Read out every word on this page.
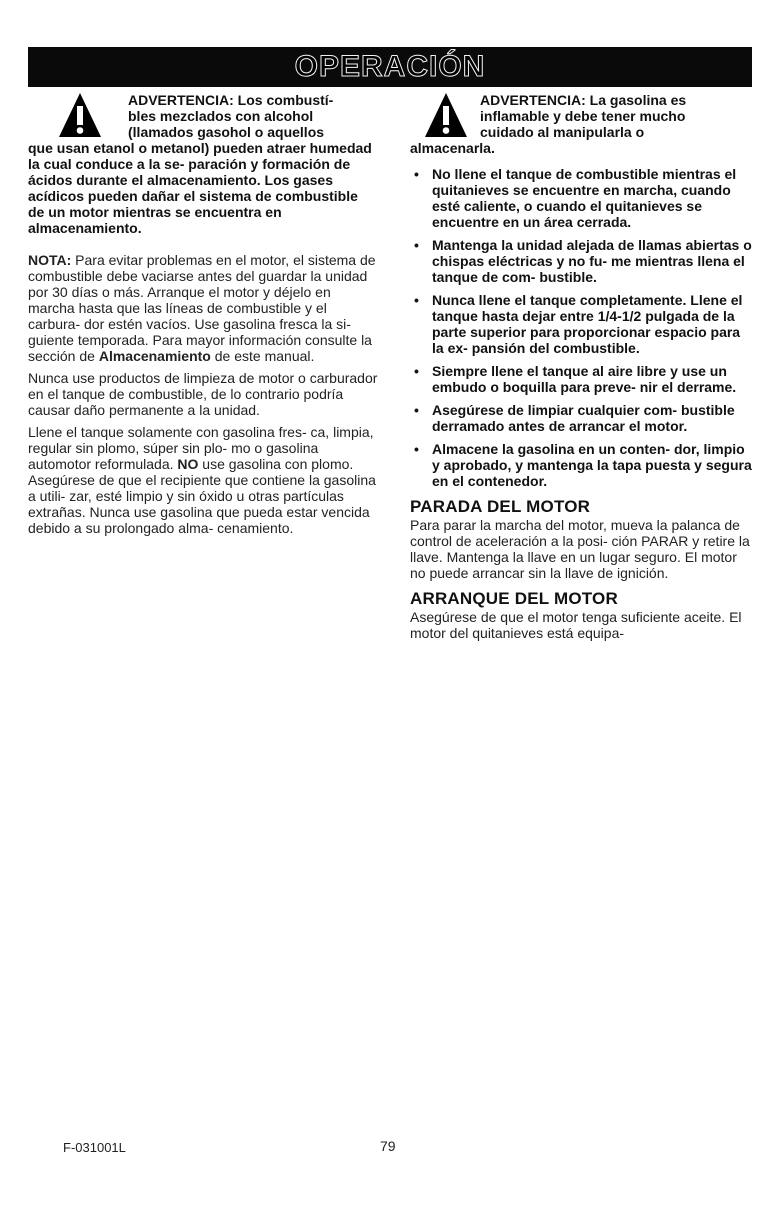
OPERACIÓN
ADVERTENCIA: Los combustí-
bles mezclados con alcohol
(llamados gasohol o aquellos
que usan etanol o metanol) pueden atraer humedad la cual conduce a la se- paración y formación de ácidos durante el almacenamiento. Los gases acídicos pueden dañar el sistema de combustible de un motor mientras se encuentra en almacenamiento.

NOTA: Para evitar problemas en el motor, el sistema de combustible debe vaciarse antes del guardar la unidad por 30 días o más. Arranque el motor y déjelo en marcha hasta que las líneas de combustible y el carbura- dor estén vacíos. Use gasolina fresca la si- guiente temporada. Para mayor información consulte la sección de Almacenamiento de este manual.

Nunca use productos de limpieza de motor o carburador en el tanque de combustible, de lo contrario podría causar daño permanente a la unidad.

Llene el tanque solamente con gasolina fres- ca, limpia, regular sin plomo, súper sin plo- mo o gasolina automotor reformulada. NO use gasolina con plomo. Asegúrese de que el recipiente que contiene la gasolina a utili- zar, esté limpio y sin óxido u otras partículas extrañas. Nunca use gasolina que pueda estar vencida debido a su prolongado alma- cenamiento.

ADVERTENCIA: La gasolina es
inflamable y debe tener mucho
cuidado al manipularla o
almacenarla.
• No llene el tanque de combustible mientras el quitanieves se encuentre en marcha, cuando esté caliente, o cuando el quitanieves se encuentre en un área cerrada.
• Mantenga la unidad alejada de llamas abiertas o chispas eléctricas y no fu- me mientras llena el tanque de com- bustible.
• Nunca llene el tanque completamente. Llene el tanque hasta dejar entre 1/4-1/2 pulgada de la parte superior para proporcionar espacio para la ex- pansión del combustible.
• Siempre llene el tanque al aire libre y use un embudo o boquilla para preve- nir el derrame.
• Asegúrese de limpiar cualquier com- bustible derramado antes de arrancar el motor.
• Almacene la gasolina en un conten- dor, limpio y aprobado, y mantenga la tapa puesta y segura en el contenedor.
PARADA DEL MOTOR

Para parar la marcha del motor, mueva la palanca de control de aceleración a la posi- ción PARAR y retire la llave. Mantenga la llave en un lugar seguro. El motor no puede arrancar sin la llave de ignición.

ARRANQUE DEL MOTOR

Asegúrese de que el motor tenga suficiente aceite. El motor del quitanieves está equipa-

F-031001L	79
